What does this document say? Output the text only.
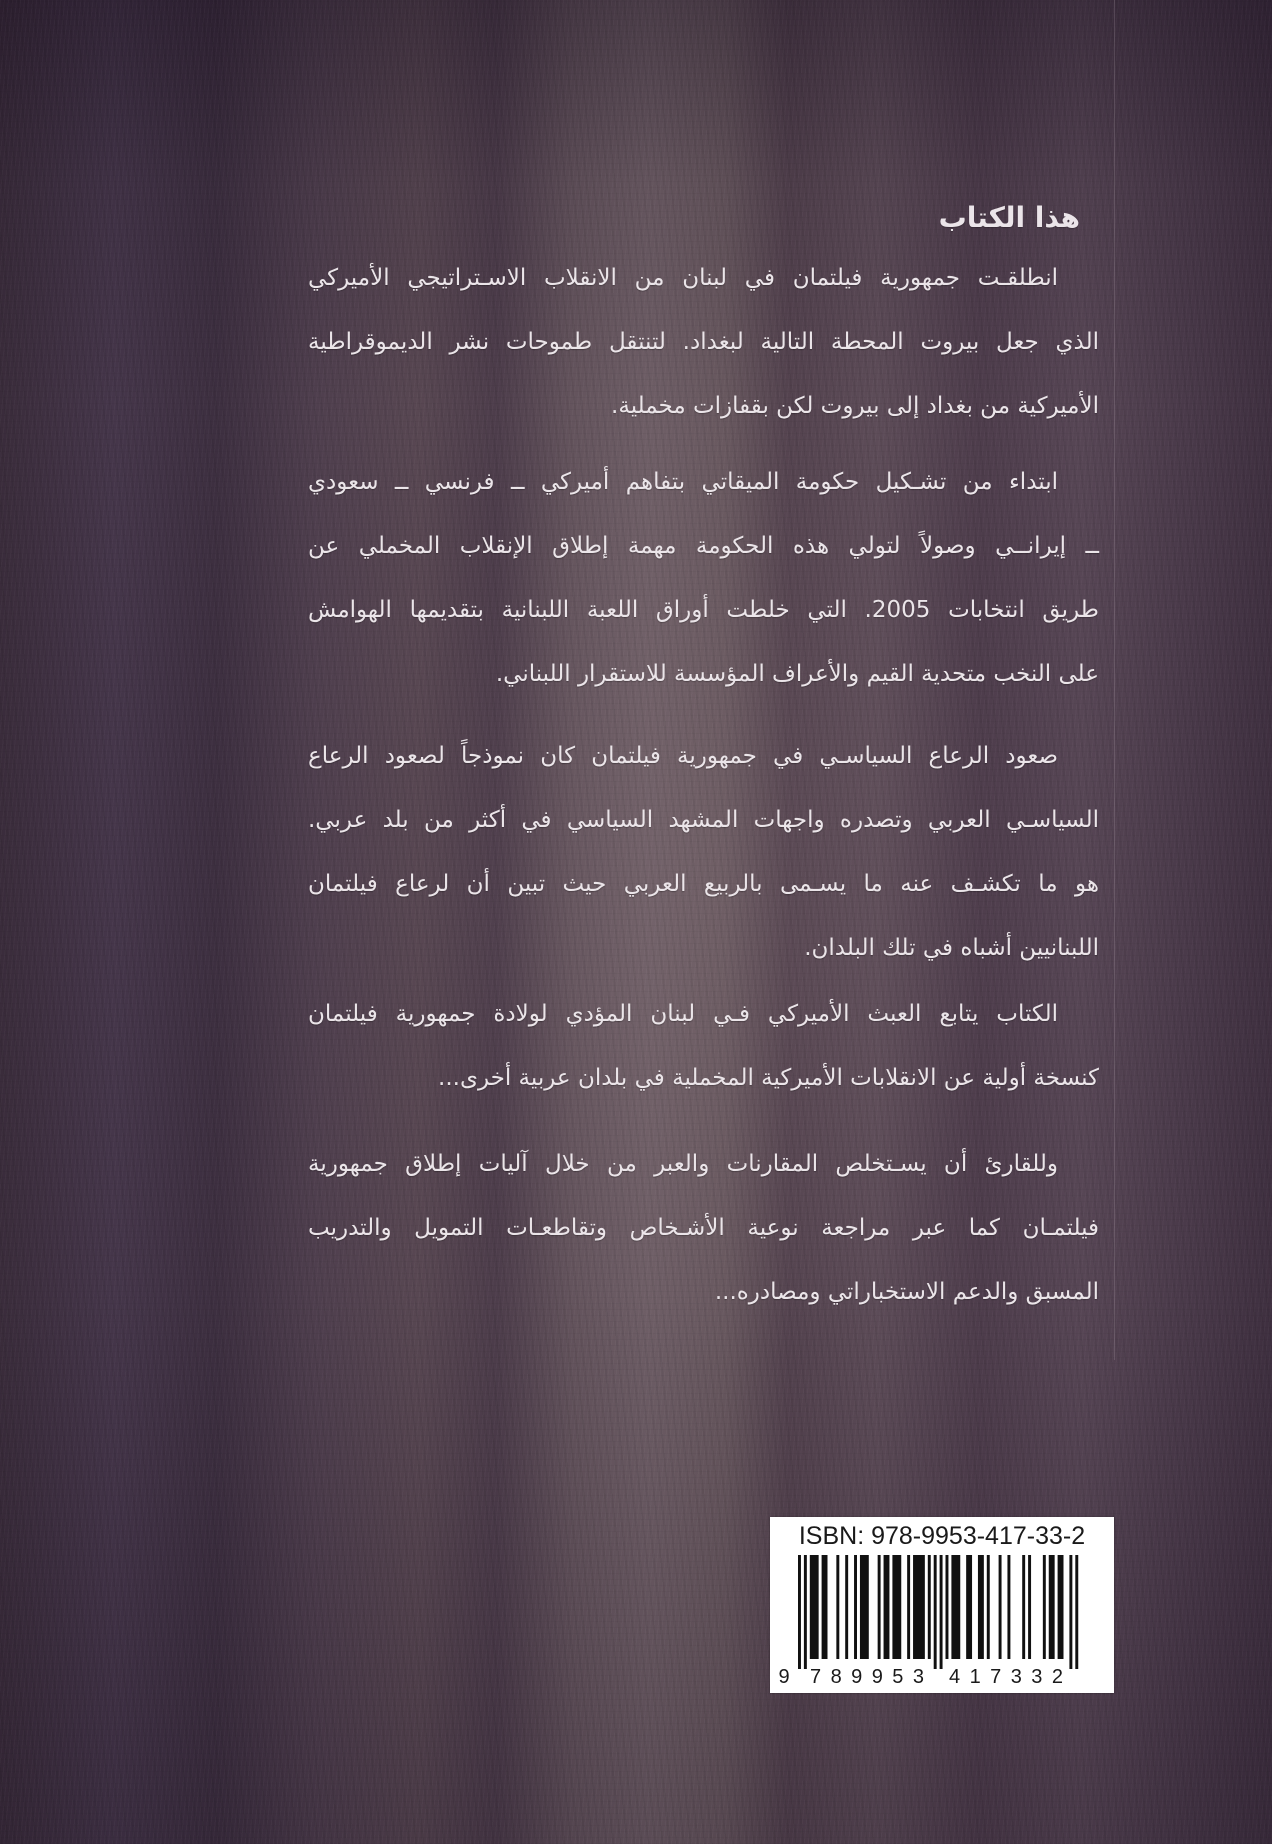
هذا الكتاب
انطلقـت جمهورية فيلتمان في لبنان من الانقلاب الاسـتراتيجي الأميركي
الذي جعل بيروت المحطة التالية لبغداد. لتنتقل طموحات نشر الديموقراطية
الأميركية من بغداد إلى بيروت لكن بقفازات مخملية.
ابتداء من تشـكيل حكومة الميقاتي بتفاهم أميركي ــ فرنسي ــ سعودي
ــ إيرانــي وصولاً لتولي هذه الحكومة مهمة إطلاق الإنقلاب المخملي عن
طريق انتخابات 2005. التي خلطت أوراق اللعبة اللبنانية بتقديمها الهوامش
على النخب متحدية القيم والأعراف المؤسسة للاستقرار اللبناني.
صعود الرعاع السياسـي في جمهورية فيلتمان كان نموذجاً لصعود الرعاع
السياسـي العربي وتصدره واجهات المشهد السياسي في أكثر من بلد عربي.
هو ما تكشـف عنه ما يسـمى بالربيع العربي حيث تبين أن لرعاع فيلتمان
اللبنانيين أشباه في تلك البلدان.
الكتاب يتابع العبث الأميركي فـي لبنان المؤدي لولادة جمهورية فيلتمان
كنسخة أولية عن الانقلابات الأميركية المخملية في بلدان عربية أخرى...
وللقارئ أن يسـتخلص المقارنات والعبر من خلال آليات إطلاق جمهورية
فيلتمـان كما عبر مراجعة نوعية الأشـخاص وتقاطعـات التمويل والتدريب
المسبق والدعم الاستخباراتي ومصادره...
ISBN: 978-9953-417-33-2
9 789953 417332
